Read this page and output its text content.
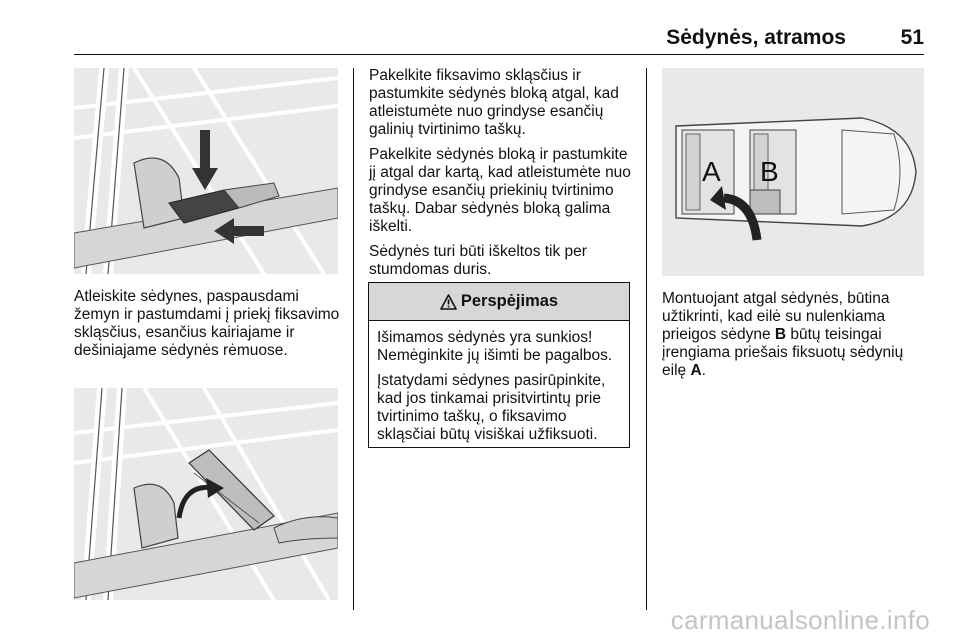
Sėdynės, atramos	51

Atleiskite sėdynes, paspausdami žemyn ir pastumdami į priekį fiksavimo skląsčius, esančius kairiajame ir dešiniajame sėdynės rėmuose.

Pakelkite fiksavimo skląsčius ir pastumkite sėdynės bloką atgal, kad atleistumėte nuo grindyse esančių galinių tvirtinimo taškų.

Pakelkite sėdynės bloką ir pastumkite jį atgal dar kartą, kad atleistumėte nuo grindyse esančių priekinių tvirtinimo taškų. Dabar sėdynės bloką galima iškelti.

Sėdynės turi būti iškeltos tik per stumdomas duris.

Perspėjimas

Išimamos sėdynės yra sunkios! Nemėginkite jų išimti be pagalbos.

Įstatydami sėdynes pasirūpinkite, kad jos tinkamai prisitvirtintų prie tvirtinimo taškų, o fiksavimo skląsčiai būtų visiškai užfiksuoti.

A B

Montuojant atgal sėdynės, būtina užtikrinti, kad eilė su nulenkiama prieigos sėdyne B būtų teisingai įrengiama priešais fiksuotų sėdynių eilę A.

carmanualsonline.info
